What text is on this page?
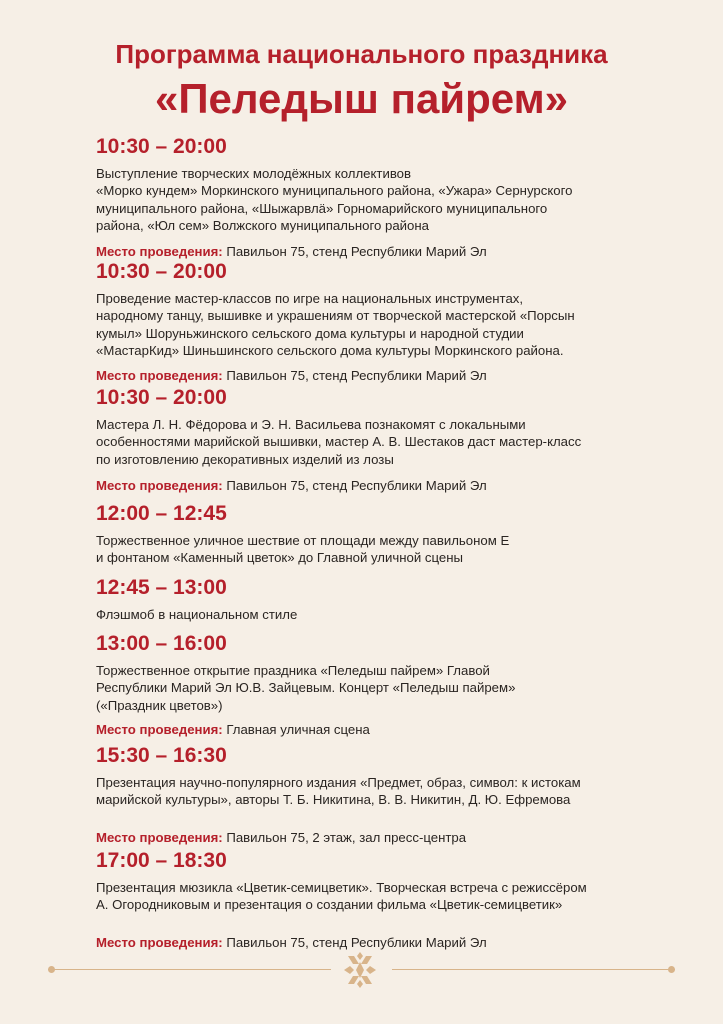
Программа национального праздника
«Пеледыш пайрем»
10:30 – 20:00
Выступление творческих молодёжных коллективов
«Морко кундем» Моркинского муниципального района, «Ужара» Сернурского
муниципального района, «Шыжарвлӓ» Горномарийского муниципального
района, «Юл сем» Волжского муниципального района
Место проведения: Павильон 75, стенд Республики Марий Эл
10:30 – 20:00
Проведение мастер-классов по игре на национальных инструментах,
народному танцу, вышивке и украшениям от творческой мастерской «Порсын
кумыл» Шоруньжинского сельского дома культуры и народной студии
«МастарКид» Шиньшинского сельского дома культуры Моркинского района.
Место проведения: Павильон 75, стенд Республики Марий Эл
10:30 – 20:00
Мастера Л. Н. Фёдорова и Э. Н. Васильева познакомят с локальными
особенностями марийской вышивки, мастер А. В. Шестаков даст мастер-класс
по изготовлению декоративных изделий из лозы
Место проведения: Павильон 75, стенд Республики Марий Эл
12:00 – 12:45
Торжественное уличное шествие от площади между павильоном Е
и фонтаном «Каменный цветок» до Главной уличной сцены
12:45 – 13:00
Флэшмоб в национальном стиле
13:00 – 16:00
Торжественное открытие праздника «Пеледыш пайрем» Главой
Республики Марий Эл Ю.В. Зайцевым. Концерт «Пеледыш пайрем»
(«Праздник цветов»)
Место проведения: Главная уличная сцена
15:30 – 16:30
Презентация научно-популярного издания «Предмет, образ, символ: к истокам
марийской культуры», авторы Т. Б. Никитина, В. В. Никитин, Д. Ю. Ефремова
Место проведения: Павильон 75, 2 этаж, зал пресс-центра
17:00 – 18:30
Презентация мюзикла «Цветик-семицветик». Творческая встреча с режиссёром
А. Огородниковым и презентация о создании фильма «Цветик-семицветик»
Место проведения: Павильон 75, стенд Республики Марий Эл
